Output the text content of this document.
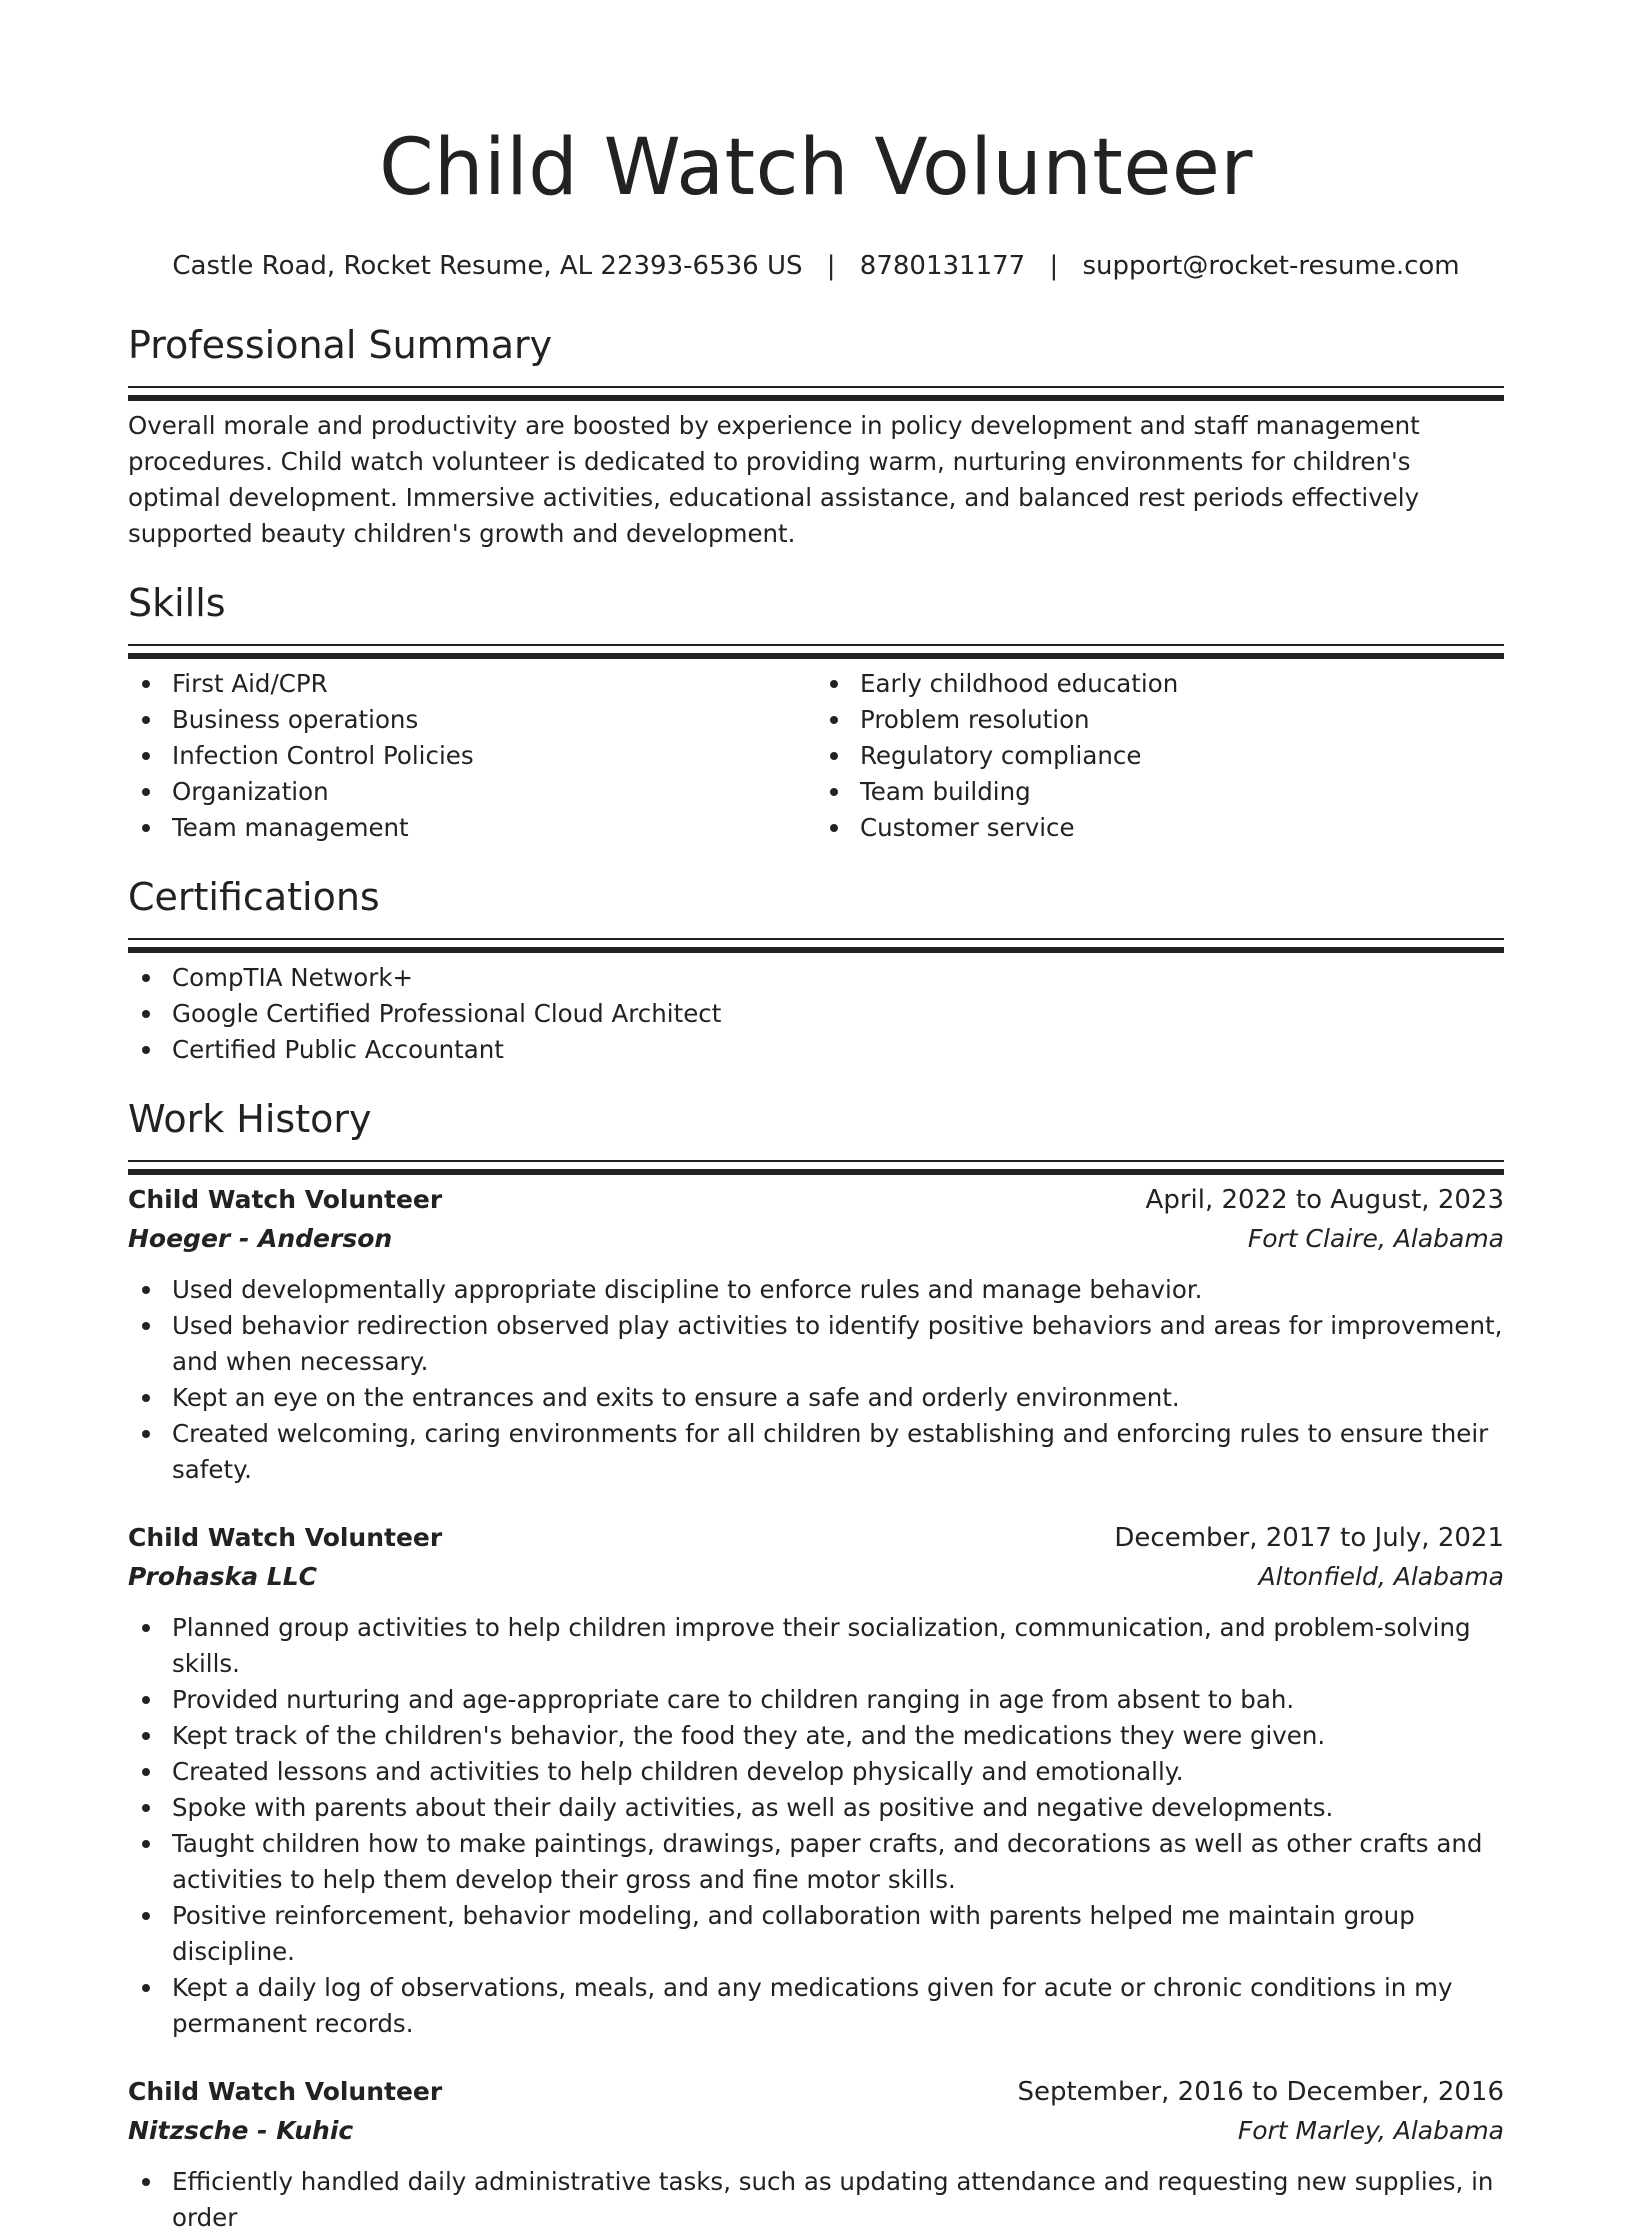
Child Watch Volunteer
Castle Road, Rocket Resume, AL 22393-6536 US | 8780131177 | support@rocket-resume.com
Professional Summary

Overall morale and productivity are boosted by experience in policy development and staff management procedures. Child watch volunteer is dedicated to providing warm, nurturing environments for children's optimal development. Immersive activities, educational assistance, and balanced rest periods effectively supported beauty children's growth and development.

Skills
First Aid/CPR
Business operations
Infection Control Policies
Organization
Team management
Early childhood education
Problem resolution
Regulatory compliance
Team building
Customer service
Certifications
CompTIA Network+
Google Certified Professional Cloud Architect
Certified Public Accountant
Work History
Child Watch Volunteer	April, 2022 to August, 2023
Hoeger - Anderson	Fort Claire, Alabama
Used developmentally appropriate discipline to enforce rules and manage behavior.
Used behavior redirection observed play activities to identify positive behaviors and areas for improvement, and when necessary.
Kept an eye on the entrances and exits to ensure a safe and orderly environment.
Created welcoming, caring environments for all children by establishing and enforcing rules to ensure their safety.
Child Watch Volunteer	December, 2017 to July, 2021
Prohaska LLC	Altonfield, Alabama
Planned group activities to help children improve their socialization, communication, and problem-solving skills.
Provided nurturing and age-appropriate care to children ranging in age from absent to bah.
Kept track of the children's behavior, the food they ate, and the medications they were given.
Created lessons and activities to help children develop physically and emotionally.
Spoke with parents about their daily activities, as well as positive and negative developments.
Taught children how to make paintings, drawings, paper crafts, and decorations as well as other crafts and activities to help them develop their gross and fine motor skills.
Positive reinforcement, behavior modeling, and collaboration with parents helped me maintain group discipline.
Kept a daily log of observations, meals, and any medications given for acute or chronic conditions in my permanent records.
Child Watch Volunteer	September, 2016 to December, 2016
Nitzsche - Kuhic	Fort Marley, Alabama
Efficiently handled daily administrative tasks, such as updating attendance and requesting new supplies, in order
